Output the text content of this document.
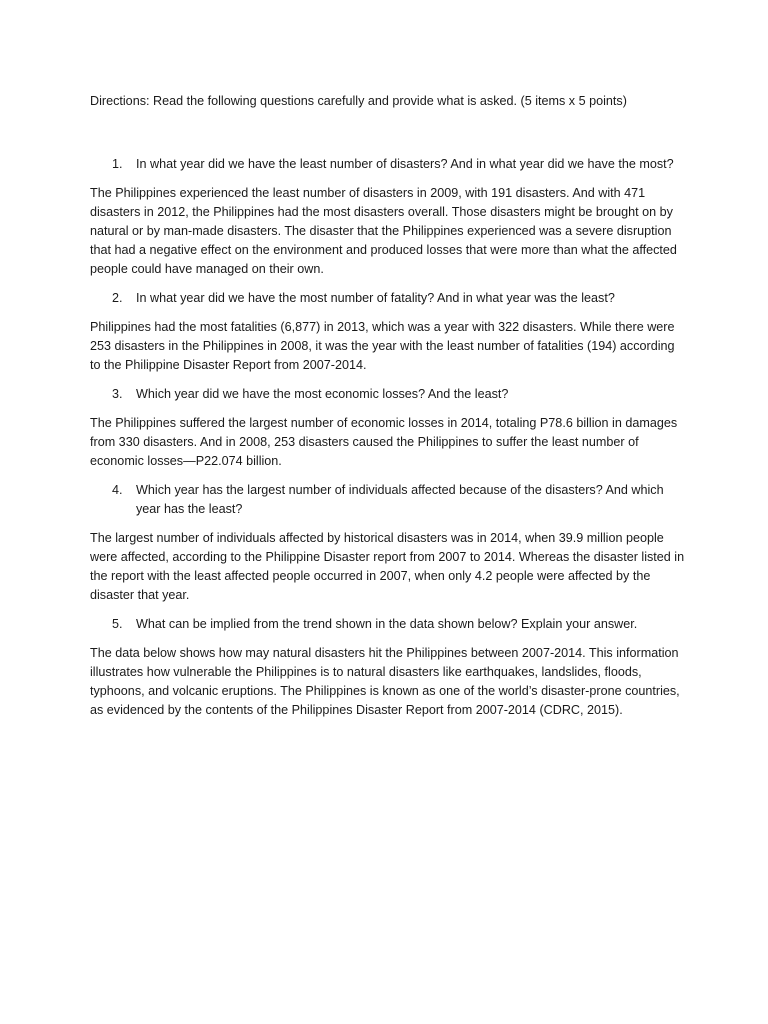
Directions: Read the following questions carefully and provide what is asked. (5 items x 5 points)

1.	In what year did we have the least number of disasters? And in what year did we have the most?

The Philippines experienced the least number of disasters in 2009, with 191 disasters. And with 471 disasters in 2012, the Philippines had the most disasters overall. Those disasters might be brought on by natural or by man-made disasters. The disaster that the Philippines experienced was a severe disruption that had a negative effect on the environment and produced losses that were more than what the affected people could have managed on their own.

2.	In what year did we have the most number of fatality? And in what year was the least?

Philippines had the most fatalities (6,877) in 2013, which was a year with 322 disasters. While there were 253 disasters in the Philippines in 2008, it was the year with the least number of fatalities (194) according to the Philippine Disaster Report from 2007-2014.

3.	Which year did we have the most economic losses? And the least?

The Philippines suffered the largest number of economic losses in 2014, totaling P78.6 billion in damages from 330 disasters. And in 2008, 253 disasters caused the Philippines to suffer the least number of economic losses—P22.074 billion.

4.	Which year has the largest number of individuals affected because of the disasters? And which year has the least?

The largest number of individuals affected by historical disasters was in 2014, when 39.9 million people were affected, according to the Philippine Disaster report from 2007 to 2014. Whereas the disaster listed in the report with the least affected people occurred in 2007, when only 4.2 people were affected by the disaster that year.

5.	What can be implied from the trend shown in the data shown below? Explain your answer.

The data below shows how may natural disasters hit the Philippines between 2007-2014. This information illustrates how vulnerable the Philippines is to natural disasters like earthquakes, landslides, floods, typhoons, and volcanic eruptions. The Philippines is known as one of the world’s disaster-prone countries, as evidenced by the contents of the Philippines Disaster Report from 2007-2014 (CDRC, 2015).
